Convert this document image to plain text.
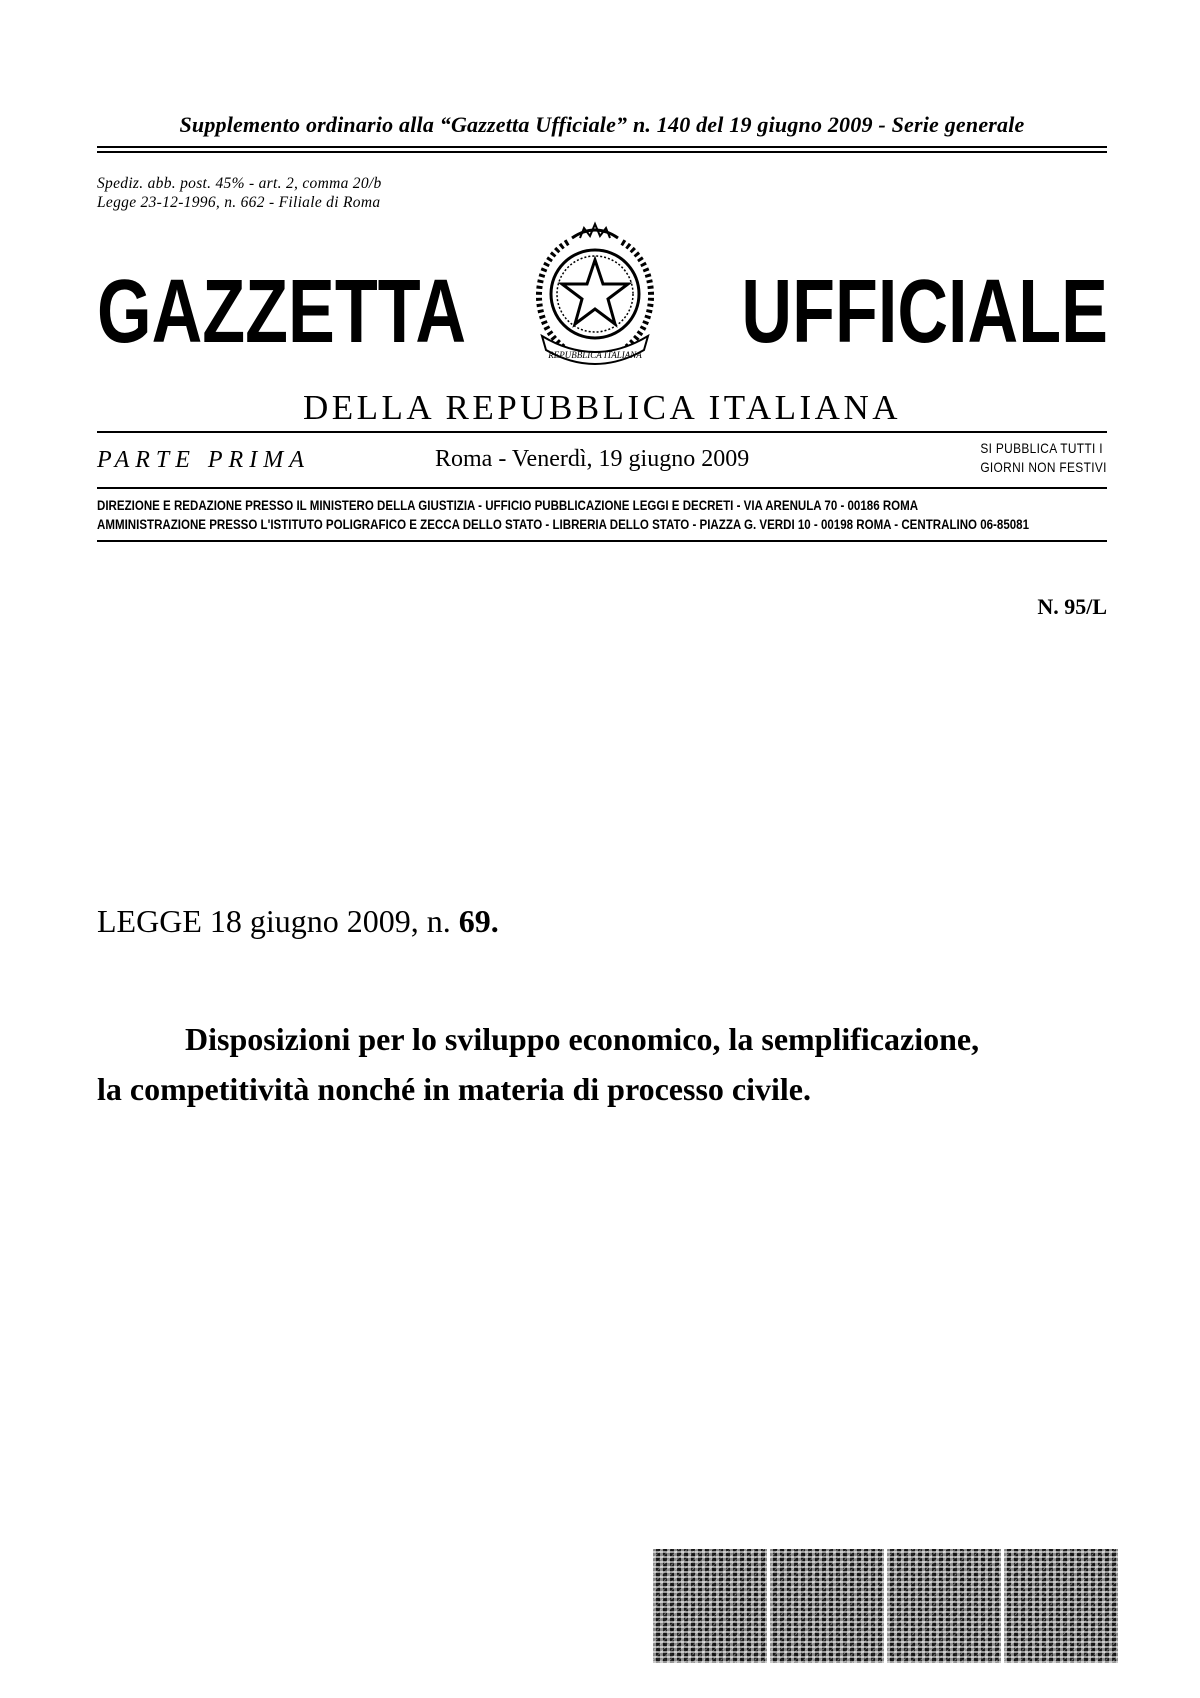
Supplemento ordinario alla “Gazzetta Ufficiale” n. 140 del 19 giugno 2009 - Serie generale
Spediz. abb. post. 45% - art. 2, comma 20/b
Legge 23-12-1996, n. 662 - Filiale di Roma
GAZZETTA	REPUBBLICA ITALIANA UFFICIALE
DELLA REPUBBLICA ITALIANA
PARTE PRIMA	Roma - Venerdì, 19 giugno 2009	SI PUBBLICA TUTTI I
GIORNI NON FESTIVI
DIREZIONE E REDAZIONE PRESSO IL MINISTERO DELLA GIUSTIZIA - UFFICIO PUBBLICAZIONE LEGGI E DECRETI - VIA ARENULA 70 - 00186 ROMA
AMMINISTRAZIONE PRESSO L'ISTITUTO POLIGRAFICO E ZECCA DELLO STATO - LIBRERIA DELLO STATO - PIAZZA G. VERDI 10 - 00198 ROMA - CENTRALINO 06-85081
N. 95/L
LEGGE 18 giugno 2009, n. 69.
Disposizioni per lo sviluppo economico, la semplificazione,
la competitività nonché in materia di processo civile.
